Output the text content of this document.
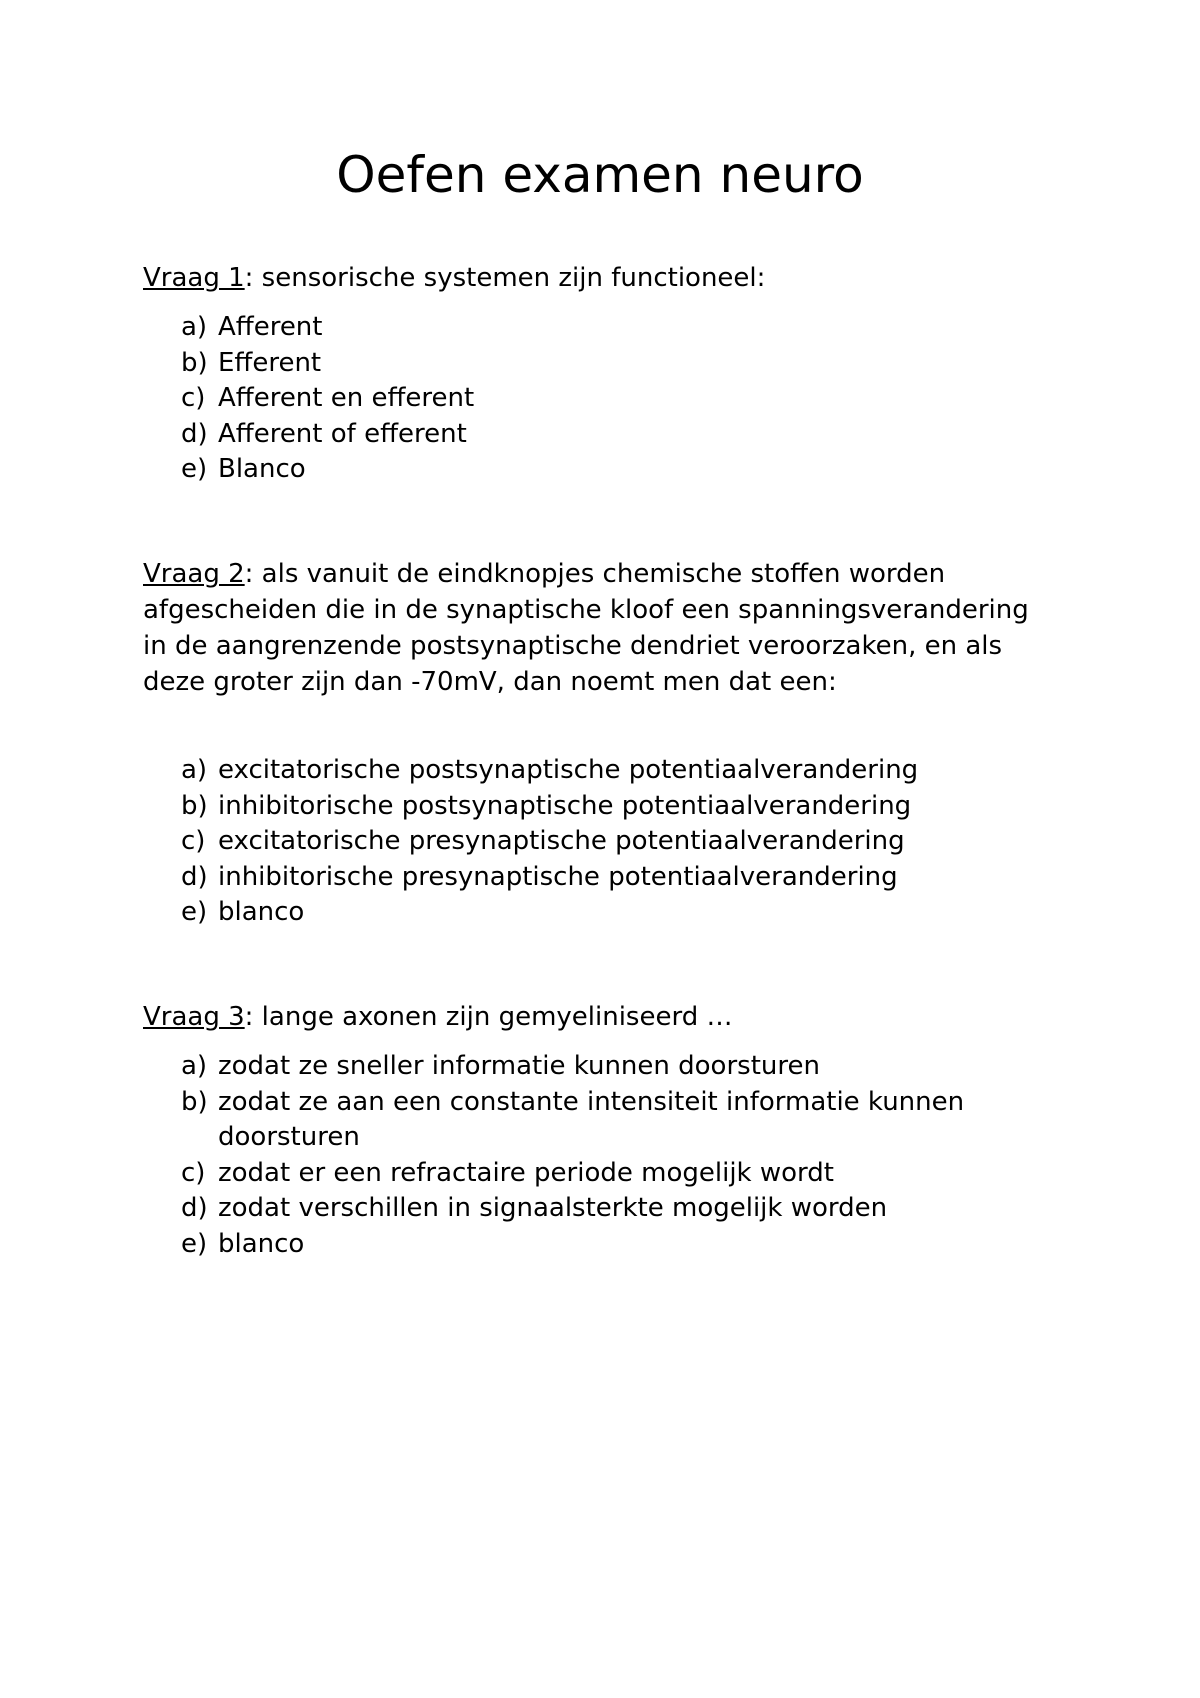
Oefen examen neuro

Vraag 1: sensorische systemen zijn functioneel:

a) Afferent
b) Efferent
c) Afferent en efferent
d) Afferent of efferent
e) Blanco

Vraag 2: als vanuit de eindknopjes chemische stoffen worden afgescheiden die in de synaptische kloof een spanningsverandering in de aangrenzende postsynaptische dendriet veroorzaken, en als deze groter zijn dan -70mV, dan noemt men dat een:

a) excitatorische postsynaptische potentiaalverandering
b) inhibitorische postsynaptische potentiaalverandering
c) excitatorische presynaptische potentiaalverandering
d) inhibitorische presynaptische potentiaalverandering
e) blanco

Vraag 3: lange axonen zijn gemyeliniseerd …

a) zodat ze sneller informatie kunnen doorsturen
b) zodat ze aan een constante intensiteit informatie kunnen doorsturen
c) zodat er een refractaire periode mogelijk wordt
d) zodat verschillen in signaalsterkte mogelijk worden
e) blanco
